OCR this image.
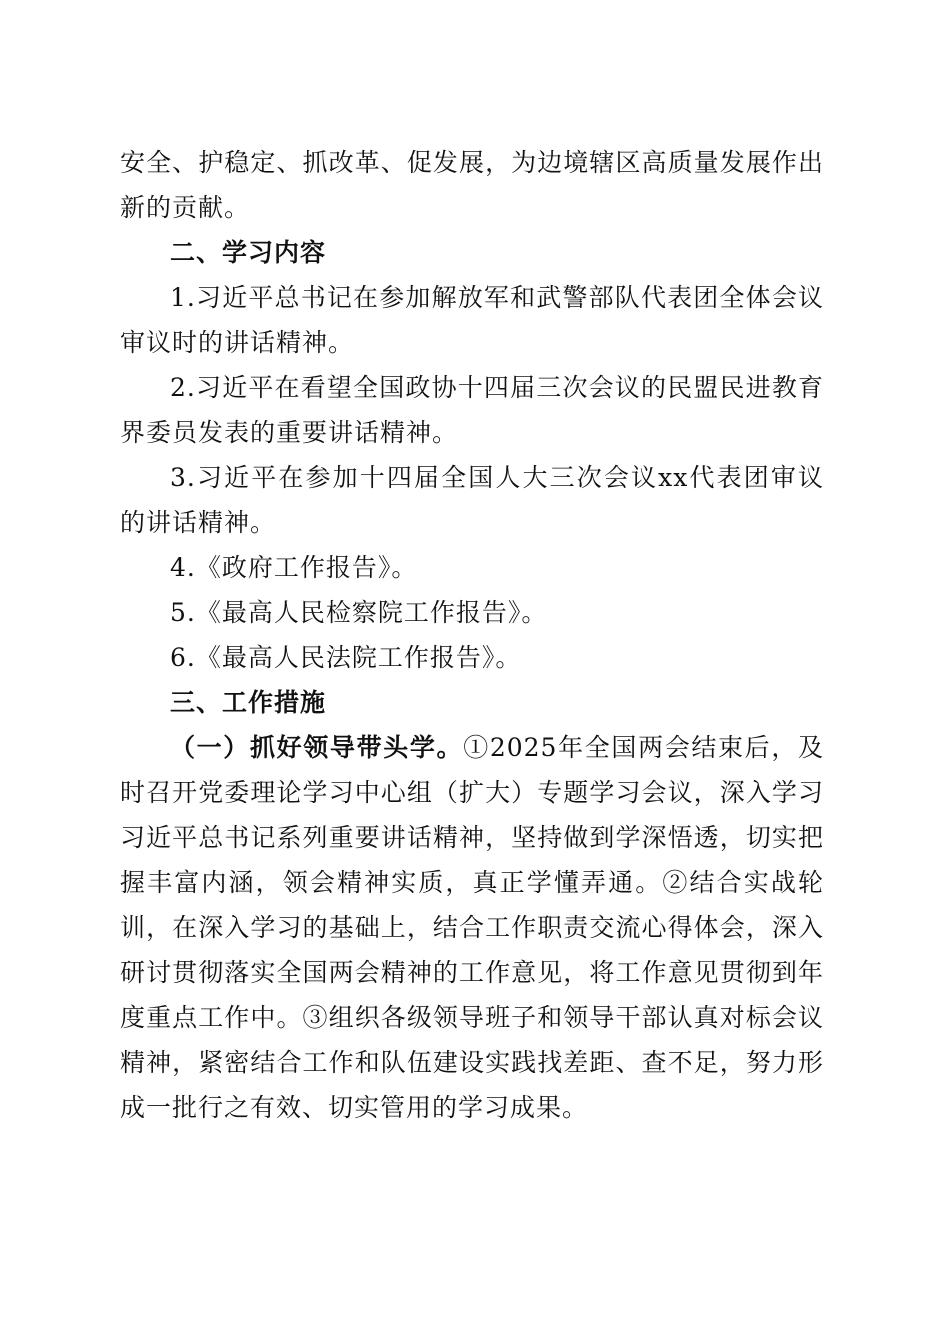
安全、护稳定、抓改革、促发展，为边境辖区高质量发展作出新的贡献。

二、学习内容

1.习近平总书记在参加解放军和武警部队代表团全体会议审议时的讲话精神。

2.习近平在看望全国政协十四届三次会议的民盟民进教育界委员发表的重要讲话精神。

3.习近平在参加十四届全国人大三次会议xx代表团审议的讲话精神。

4.《政府工作报告》。

5.《最高人民检察院工作报告》。

6.《最高人民法院工作报告》。

三、工作措施

（一）抓好领导带头学。①2025年全国两会结束后，及时召开党委理论学习中心组（扩大）专题学习会议，深入学习习近平总书记系列重要讲话精神，坚持做到学深悟透，切实把握丰富内涵，领会精神实质，真正学懂弄通。②结合实战轮训，在深入学习的基础上，结合工作职责交流心得体会，深入研讨贯彻落实全国两会精神的工作意见，将工作意见贯彻到年度重点工作中。③组织各级领导班子和领导干部认真对标会议精神，紧密结合工作和队伍建设实践找差距、查不足，努力形成一批行之有效、切实管用的学习成果。
